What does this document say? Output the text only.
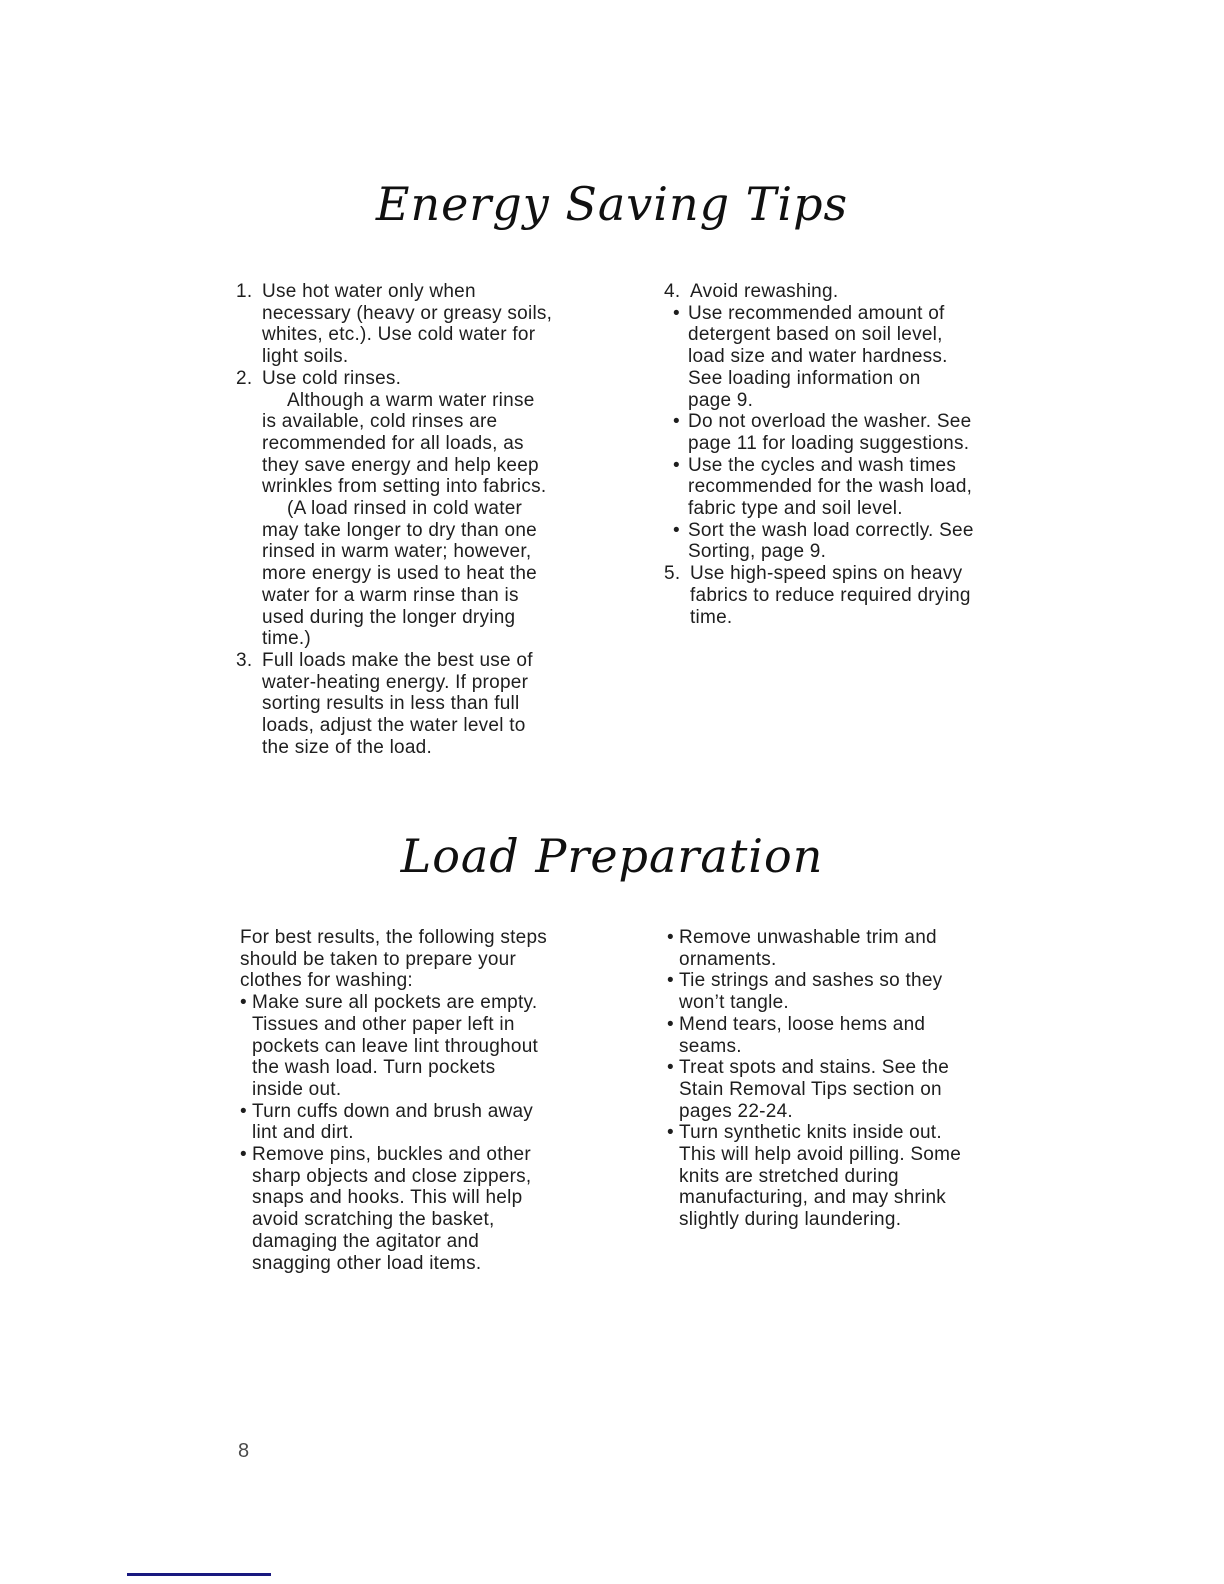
Energy Saving Tips
1. Use hot water only when
necessary (heavy or greasy soils,
whites, etc.). Use cold water for
light soils.

2. Use cold rinses.

Although a warm water rinse
is available, cold rinses are
recommended for all loads, as
they save energy and help keep
wrinkles from setting into fabrics.

(A load rinsed in cold water
may take longer to dry than one
rinsed in warm water; however,
more energy is used to heat the
water for a warm rinse than is
used during the longer drying
time.)

3. Full loads make the best use of
water-heating energy. If proper
sorting results in less than full
loads, adjust the water level to
the size of the load.

4. Avoid rewashing.

• Use recommended amount of
detergent based on soil level,
load size and water hardness.
See loading information on
page 9.

• Do not overload the washer. See
page 11 for loading suggestions.

• Use the cycles and wash times
recommended for the wash load,
fabric type and soil level.

• Sort the wash load correctly. See
Sorting, page 9.

5. Use high-speed spins on heavy
fabrics to reduce required drying
time.

Load Preparation

For best results, the following steps
should be taken to prepare your
clothes for washing:

• Make sure all pockets are empty.
Tissues and other paper left in
pockets can leave lint throughout
the wash load. Turn pockets
inside out.

• Turn cuffs down and brush away
lint and dirt.

• Remove pins, buckles and other
sharp objects and close zippers,
snaps and hooks. This will help
avoid scratching the basket,
damaging the agitator and
snagging other load items.

• Remove unwashable trim and
ornaments.

• Tie strings and sashes so they
won’t tangle.

• Mend tears, loose hems and
seams.

• Treat spots and stains. See the
Stain Removal Tips section on
pages 22-24.

• Turn synthetic knits inside out.
This will help avoid pilling. Some
knits are stretched during
manufacturing, and may shrink
slightly during laundering.

8
